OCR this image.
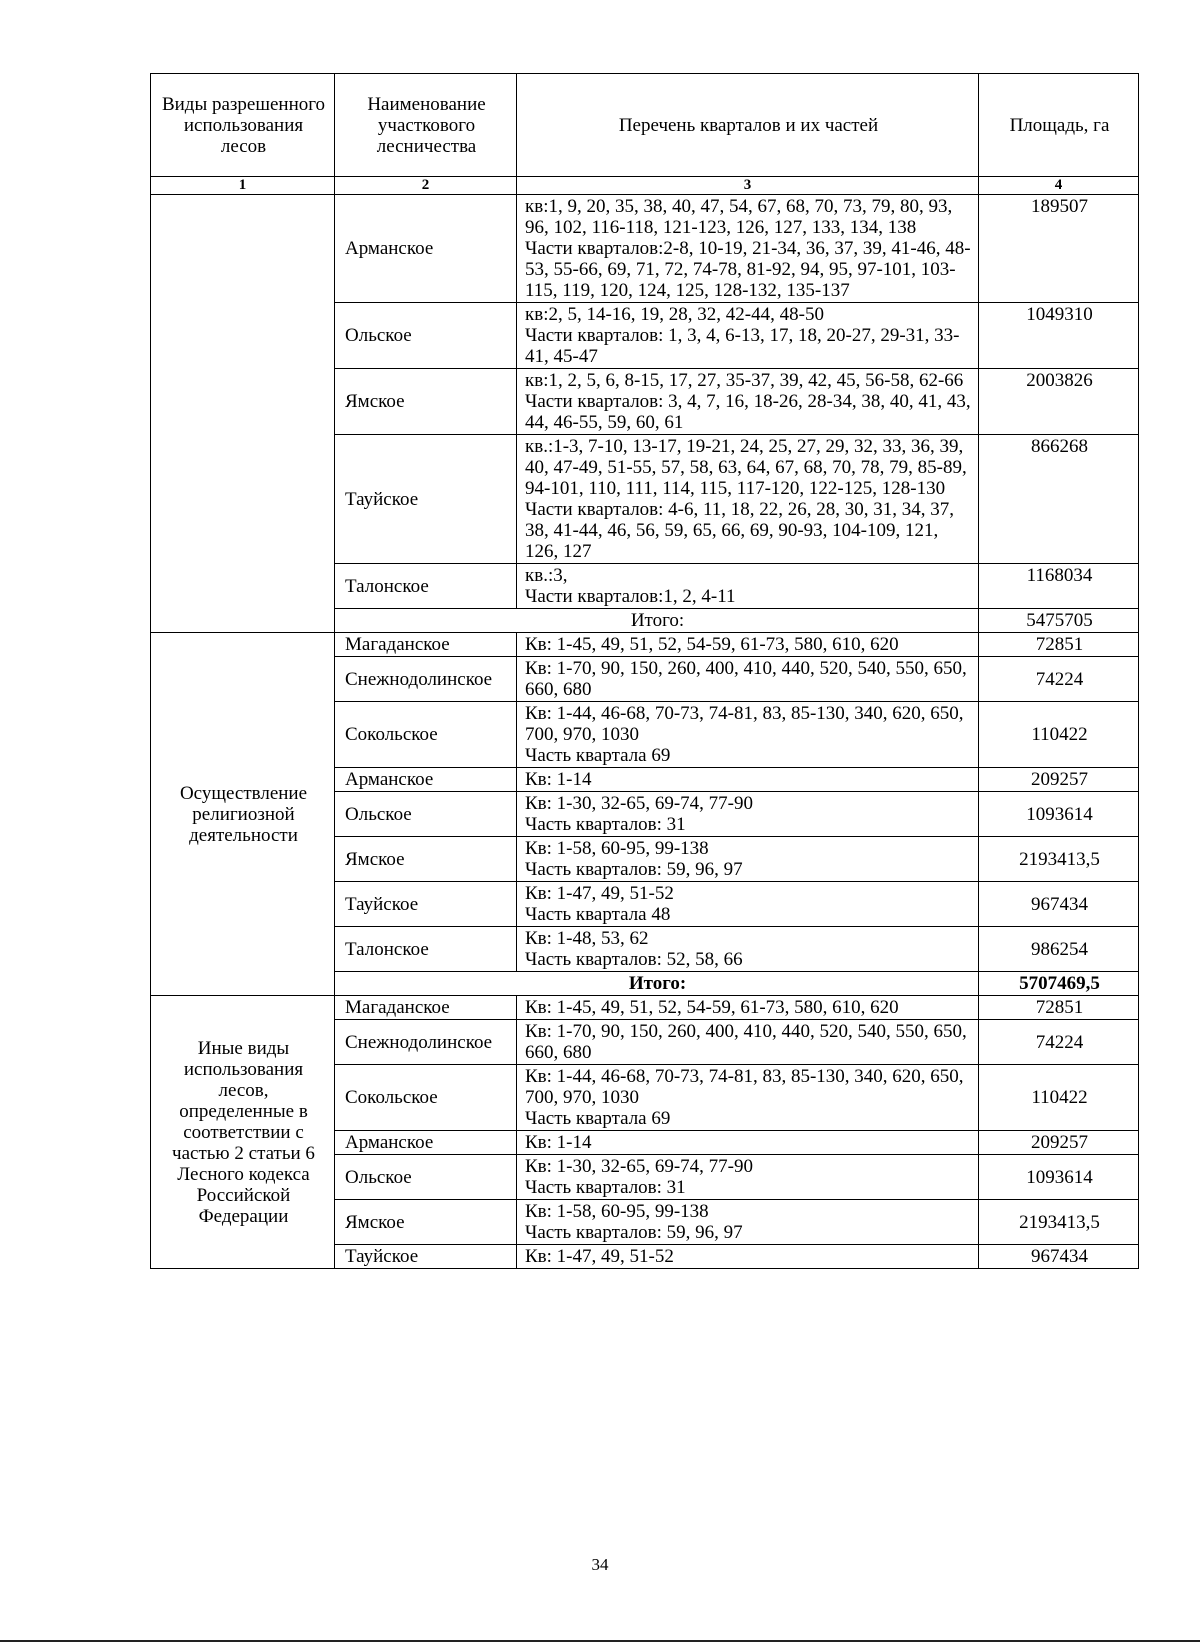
Виды разрешенного использования лесов	Наименование участкового лесничества	Перечень кварталов и их частей	Площадь, га
1	2	3	4
	Арманское	кв:1, 9, 20, 35, 38, 40, 47, 54, 67, 68, 70, 73, 79, 80, 93, 96, 102, 116-118, 121-123, 126, 127, 133, 134, 138
Части кварталов:2-8, 10-19, 21-34, 36, 37, 39, 41-46, 48-53, 55-66, 69, 71, 72, 74-78, 81-92, 94, 95, 97-101, 103-115, 119, 120, 124, 125, 128-132, 135-137	189507
	Ольское	кв:2, 5, 14-16, 19, 28, 32, 42-44, 48-50
Части кварталов: 1, 3, 4, 6-13, 17, 18, 20-27, 29-31, 33-41, 45-47	1049310
	Ямское	кв:1, 2, 5, 6, 8-15, 17, 27, 35-37, 39, 42, 45, 56-58, 62-66
Части кварталов: 3, 4, 7, 16, 18-26, 28-34, 38, 40, 41, 43, 44, 46-55, 59, 60, 61	2003826
	Тауйское	кв.:1-3, 7-10, 13-17, 19-21, 24, 25, 27, 29, 32, 33, 36, 39, 40, 47-49, 51-55, 57, 58, 63, 64, 67, 68, 70, 78, 79, 85-89, 94-101, 110, 111, 114, 115, 117-120, 122-125, 128-130
Части кварталов: 4-6, 11, 18, 22, 26, 28, 30, 31, 34, 37, 38, 41-44, 46, 56, 59, 65, 66, 69, 90-93, 104-109, 121, 126, 127	866268
	Талонское	кв.:3,
Части кварталов:1, 2, 4-11	1168034
	Итого:		5475705
Осуществление религиозной деятельности	Магаданское	Кв: 1-45, 49, 51, 52, 54-59, 61-73, 580, 610, 620	72851
	Снежнодолинское	Кв: 1-70, 90, 150, 260, 400, 410, 440, 520, 540, 550, 650, 660, 680	74224
	Сокольское	Кв: 1-44, 46-68, 70-73, 74-81, 83, 85-130, 340, 620, 650, 700, 970, 1030
Часть квартала 69	110422
	Арманское	Кв: 1-14	209257
	Ольское	Кв: 1-30, 32-65, 69-74, 77-90
Часть кварталов: 31	1093614
	Ямское	Кв: 1-58, 60-95, 99-138
Часть кварталов: 59, 96, 97	2193413,5
	Тауйское	Кв: 1-47, 49, 51-52
Часть квартала 48	967434
	Талонское	Кв: 1-48, 53, 62
Часть кварталов: 52, 58, 66	986254
	Итого:		5707469,5
Иные виды использования лесов, определенные в соответствии с частью 2 статьи 6 Лесного кодекса Российской Федерации	Магаданское	Кв: 1-45, 49, 51, 52, 54-59, 61-73, 580, 610, 620	72851
	Снежнодолинское	Кв: 1-70, 90, 150, 260, 400, 410, 440, 520, 540, 550, 650, 660, 680	74224
	Сокольское	Кв: 1-44, 46-68, 70-73, 74-81, 83, 85-130, 340, 620, 650, 700, 970, 1030
Часть квартала 69	110422
	Арманское	Кв: 1-14	209257
	Ольское	Кв: 1-30, 32-65, 69-74, 77-90
Часть кварталов: 31	1093614
	Ямское	Кв: 1-58, 60-95, 99-138
Часть кварталов: 59, 96, 97	2193413,5
	Тауйское	Кв: 1-47, 49, 51-52	967434
34
